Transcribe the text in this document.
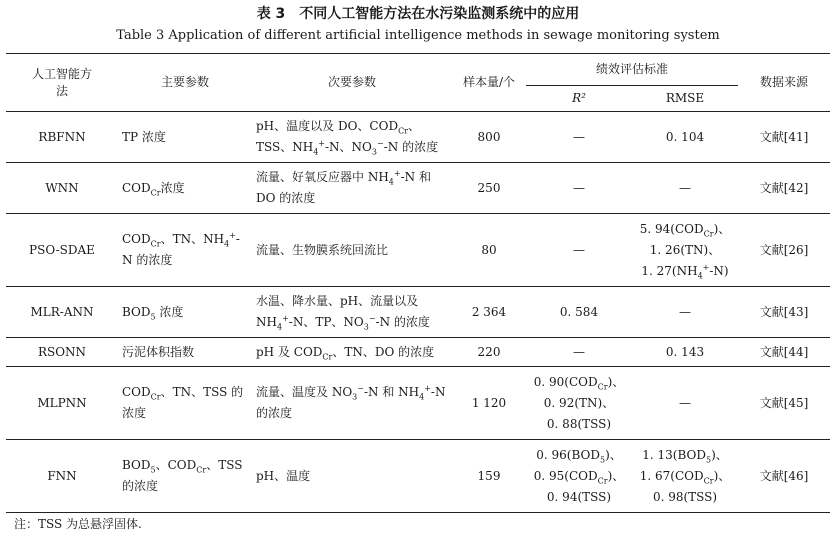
表 3　不同人工智能方法在水污染监测系统中的应用
Table 3 Application of different artificial intelligence methods in sewage monitoring system
人工智能方法	主要参数	次要参数	样本量/个	绩效评估标准		数据来源
				R²	RMSE	
RBFNN	TP 浓度	pH、温度以及 DO、$COD_{Cr}$、TSS、$NH_4^+-N$、$NO_3^--N$ 的浓度	800	—	0. 104	文献[41]
WNN	$COD_{Cr}$浓度	流量、好氧反应器中 $NH_4^+-N$ 和 DO 的浓度	250	—	—	文献[42]
PSO-SDAE	$COD_{Cr}$、TN、$NH_4^+-N$ 的浓度	流量、生物膜系统回流比	80	—	5. $94(COD_{Cr})$、
1. 26(TN)、
1. $27(NH_4^+-N)$	文献[26]
MLR-ANN	$BOD_5$ 浓度	水温、降水量、pH、流量以及 $NH_4^+-N$、TP、$NO_3^--N$ 的浓度	2 364	0. 584	—	文献[43]
RSONN	污泥体积指数	pH 及 $COD_{Cr}$、TN、DO 的浓度	220	—	0. 143	文献[44]
MLPNN	$COD_{Cr}$、TN、TSS 的浓度	流量、温度及 $NO_3^--N$ 和 $NH_4^+-N$ 的浓度	1 120	0. $90(COD_{Cr})$、
0. 92(TN)、
0. 88(TSS)	—	文献[45]
FNN	$BOD_5$、$COD_{Cr}$、TSS 的浓度	pH、温度	159	0. $96(BOD_5)$、
0. $95(COD_{Cr})$、
0. 94(TSS)	1. $13(BOD_5)$、
1. $67(COD_{Cr})$、
0. 98(TSS)	文献[46]
注：TSS 为总悬浮固体.
